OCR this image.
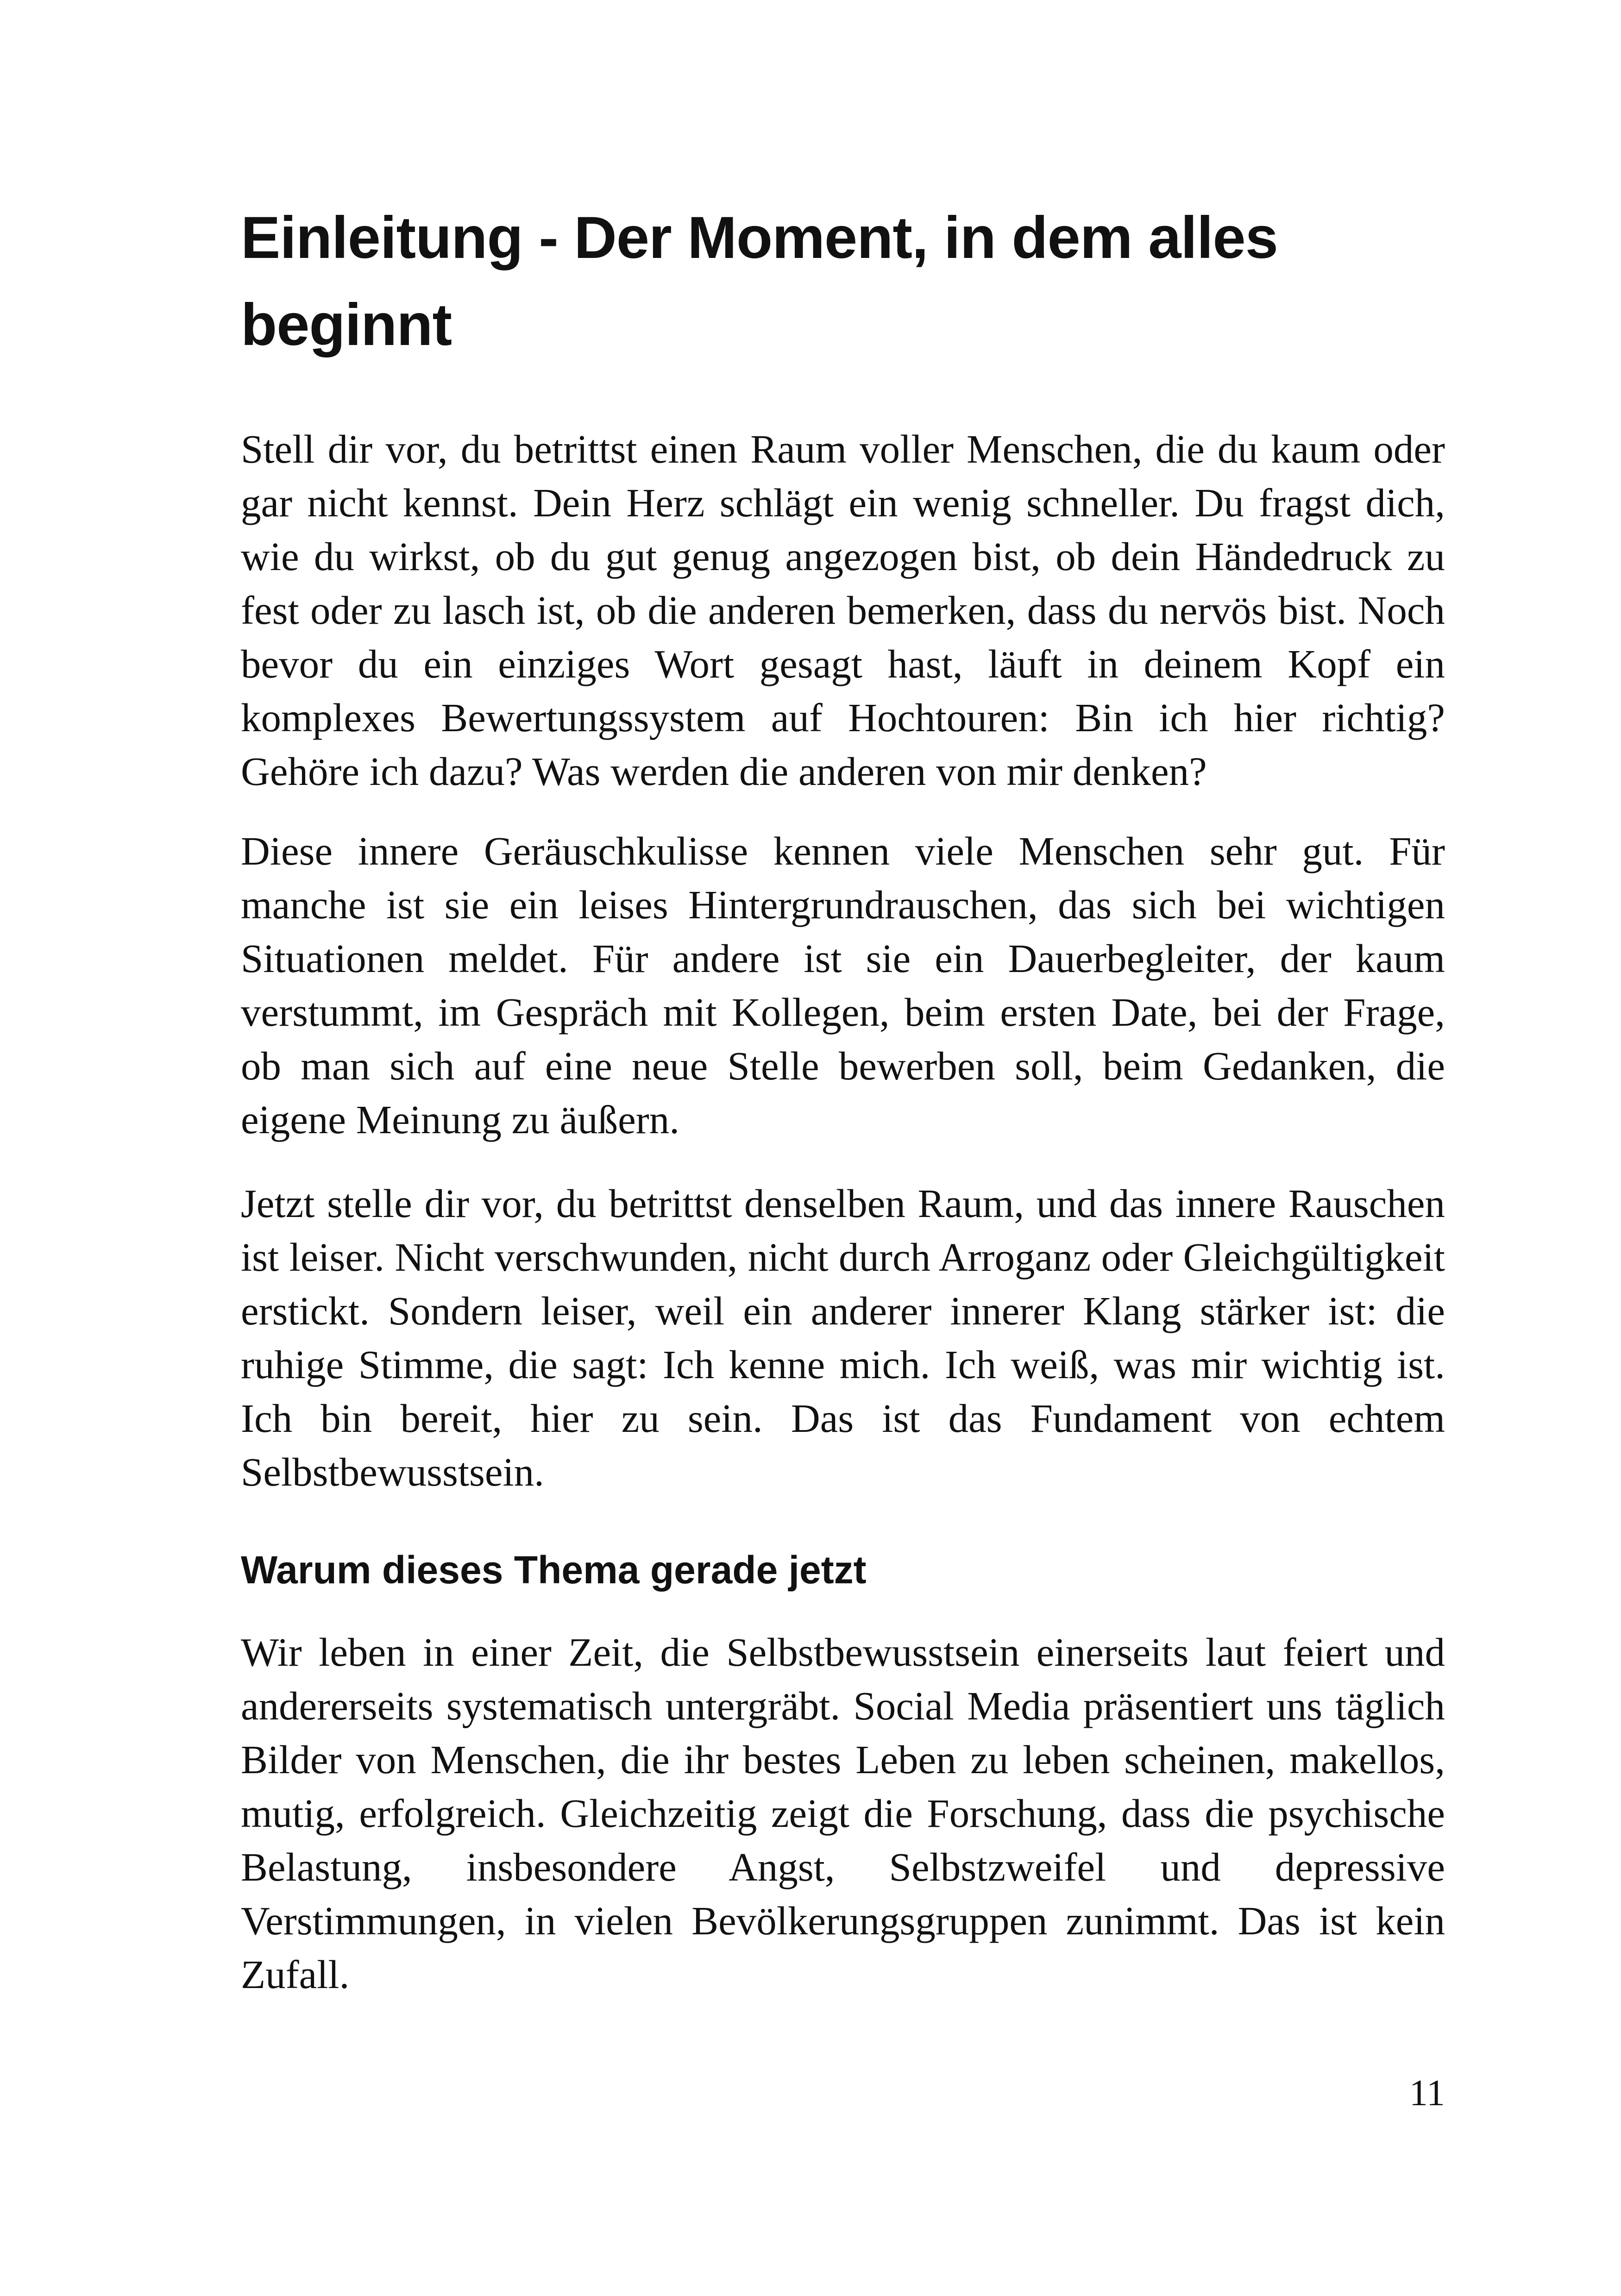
Einleitung - Der Moment, in dem alles beginnt

Stell dir vor, du betrittst einen Raum voller Menschen, die du kaum oder gar nicht kennst. Dein Herz schlägt ein wenig schneller. Du fragst dich, wie du wirkst, ob du gut genug angezogen bist, ob dein Händedruck zu fest oder zu lasch ist, ob die anderen bemerken, dass du nervös bist. Noch bevor du ein einziges Wort gesagt hast, läuft in deinem Kopf ein komplexes Bewertungssystem auf Hochtouren: Bin ich hier richtig? Gehöre ich dazu? Was werden die anderen von mir denken?

Diese innere Geräuschkulisse kennen viele Menschen sehr gut. Für manche ist sie ein leises Hintergrundrauschen, das sich bei wichtigen Situationen meldet. Für andere ist sie ein Dauerbegleiter, der kaum verstummt, im Gespräch mit Kollegen, beim ersten Date, bei der Frage, ob man sich auf eine neue Stelle bewerben soll, beim Gedanken, die eigene Meinung zu äußern.

Jetzt stelle dir vor, du betrittst denselben Raum, und das innere Rauschen ist leiser. Nicht verschwunden, nicht durch Arroganz oder Gleichgültigkeit erstickt. Sondern leiser, weil ein anderer innerer Klang stärker ist: die ruhige Stimme, die sagt: Ich kenne mich. Ich weiß, was mir wichtig ist. Ich bin bereit, hier zu sein. Das ist das Fundament von echtem Selbstbewusstsein.

Warum dieses Thema gerade jetzt

Wir leben in einer Zeit, die Selbstbewusstsein einerseits laut feiert und andererseits systematisch untergräbt. Social Media präsentiert uns täglich Bilder von Menschen, die ihr bestes Leben zu leben scheinen, makellos, mutig, erfolgreich. Gleichzeitig zeigt die Forschung, dass die psychische Belastung, insbesondere Angst, Selbstzweifel und depressive Verstimmungen, in vielen Bevölkerungsgruppen zunimmt. Das ist kein Zufall.

11
